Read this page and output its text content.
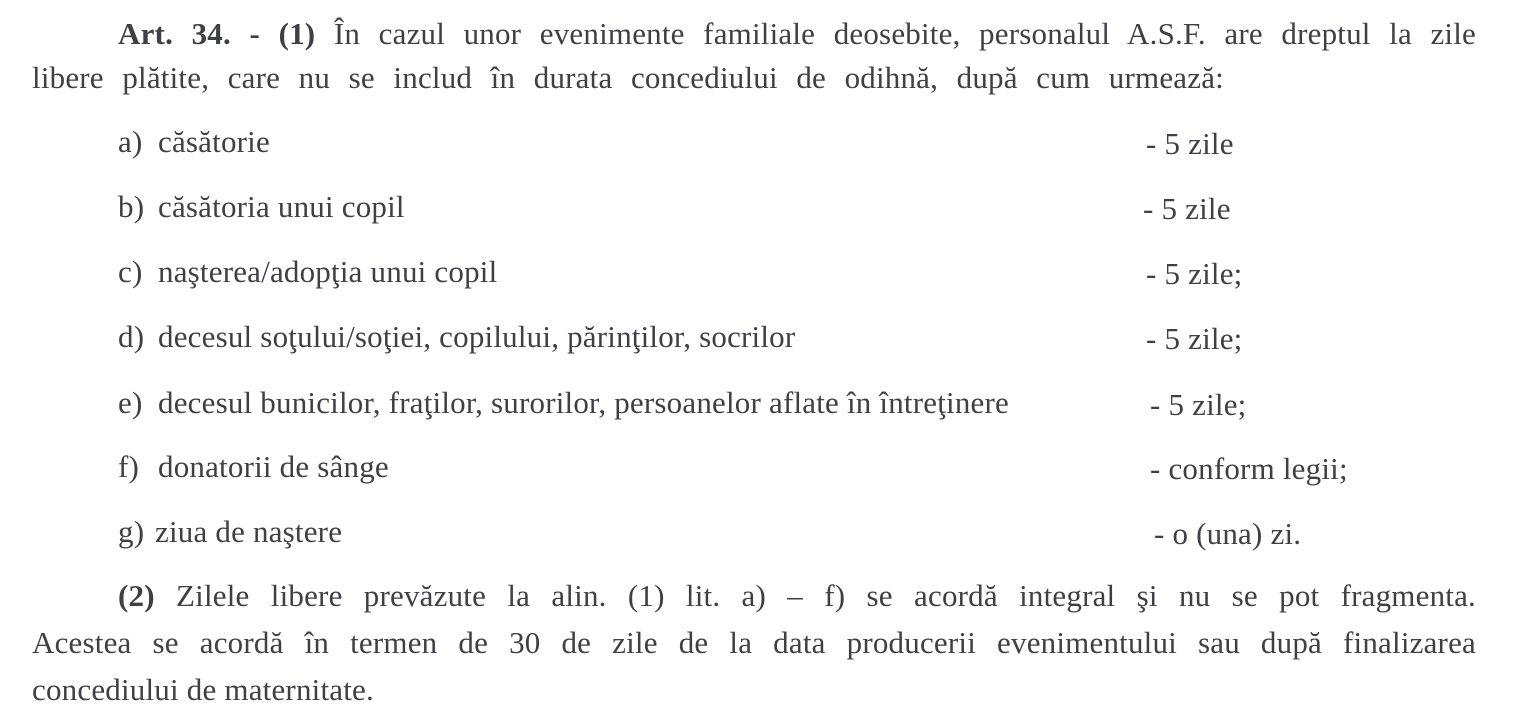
Art. 34. - (1) În cazul unor evenimente familiale deosebite, personalul A.S.F. are dreptul la zile
libere plătite, care nu se includ în durata concediului de odihnă, după cum urmează:
a) căsătorie	- 5 zile
b) căsătoria unui copil	- 5 zile
c) naşterea/adopţia unui copil	- 5 zile;
d) decesul soţului/soţiei, copilului, părinţilor, socrilor	- 5 zile;
e) decesul bunicilor, fraţilor, surorilor, persoanelor aflate în întreţinere	- 5 zile;
f) donatorii de sânge	- conform legii;
g) ziua de naştere	- o (una) zi.
(2) Zilele libere prevăzute la alin. (1) lit. a) – f) se acordă integral şi nu se pot fragmenta.
Acestea se acordă în termen de 30 de zile de la data producerii evenimentului sau după finalizarea
concediului de maternitate.
